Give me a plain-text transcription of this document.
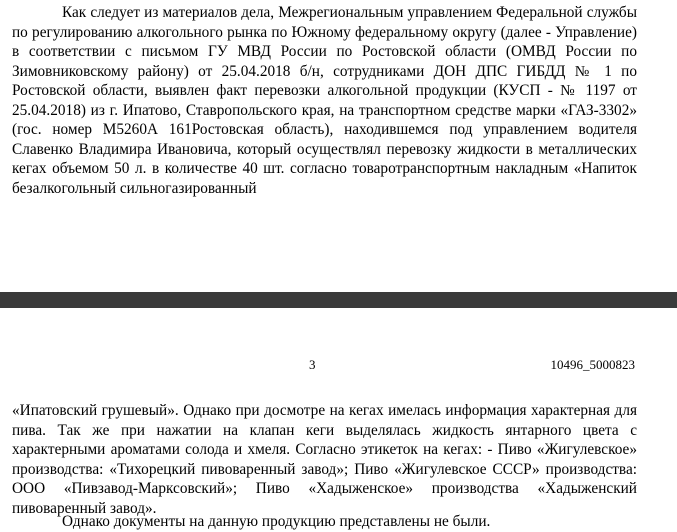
Как следует из материалов дела, Межрегиональным управлением Федеральной службы по регулированию алкогольного рынка по Южному федеральному округу (далее - Управление) в соответствии с письмом ГУ МВД России по Ростовской области (ОМВД России по Зимовниковскому району) от 25.04.2018 б/н, сотрудниками ДОН ДПС ГИБДД № 1 по Ростовской области, выявлен факт перевозки алкогольной продукции (КУСП - № 1197 от 25.04.2018) из г. Ипатово, Ставропольского края, на транспортном средстве марки «ГАЗ-3302» (гос. номер М5260А 161Ростовская область), находившемся под управлением водителя Славенко Владимира Ивановича, который осуществлял перевозку жидкости в металлических кегах объемом 50 л. в количестве 40 шт. согласно товаротранспортным накладным «Напиток безалкогольный сильногазированный

3	10496_5000823

«Ипатовский грушевый». Однако при досмотре на кегах имелась информация характерная для пива. Так же при нажатии на клапан кеги выделялась жидкость янтарного цвета с характерными ароматами солода и хмеля. Согласно этикеток на кегах: - Пиво «Жигулевское» производства: «Тихорецкий пивоваренный завод»; Пиво «Жигулевское СССР» производства: ООО «Пивзавод-Марксовский»; Пиво «Хадыженское» производства «Хадыженский пивоваренный завод».

Однако документы на данную продукцию представлены не были.
